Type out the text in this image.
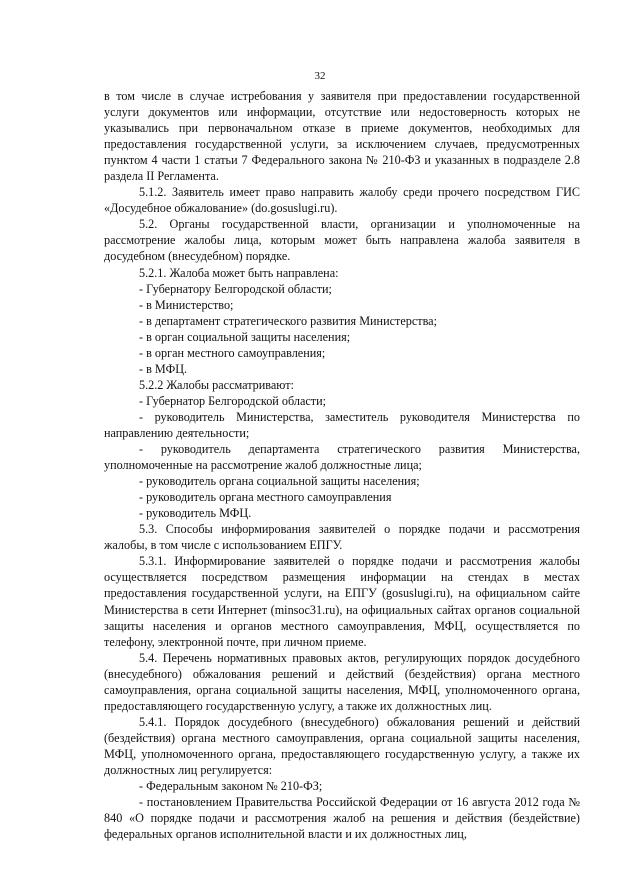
32

в том числе в случае истребования у заявителя при предоставлении государственной услуги документов или информации, отсутствие или недостоверность которых не указывались при первоначальном отказе в приеме документов, необходимых для предоставления государственной услуги, за исключением случаев, предусмотренных пунктом 4 части 1 статьи 7 Федерального закона № 210-ФЗ и указанных в подразделе 2.8 раздела II Регламента.

5.1.2. Заявитель имеет право направить жалобу среди прочего посредством ГИС «Досудебное обжалование» (do.gosuslugi.ru).

5.2. Органы государственной власти, организации и уполномоченные на рассмотрение жалобы лица, которым может быть направлена жалоба заявителя в досудебном (внесудебном) порядке.

5.2.1. Жалоба может быть направлена:

- Губернатору Белгородской области;

- в Министерство;

- в департамент стратегического развития Министерства;

- в орган социальной защиты населения;

- в орган местного самоуправления;

- в МФЦ.

5.2.2 Жалобы рассматривают:

- Губернатор Белгородской области;

- руководитель Министерства, заместитель руководителя Министерства по направлению деятельности;

- руководитель департамента стратегического развития Министерства, уполномоченные на рассмотрение жалоб должностные лица;

- руководитель органа социальной защиты населения;

- руководитель органа местного самоуправления

- руководитель МФЦ.

5.3. Способы информирования заявителей о порядке подачи и рассмотрения жалобы, в том числе с использованием ЕПГУ.

5.3.1. Информирование заявителей о порядке подачи и рассмотрения жалобы осуществляется посредством размещения информации на стендах в местах предоставления государственной услуги, на ЕПГУ (gosuslugi.ru), на официальном сайте Министерства в сети Интернет (minsoc31.ru), на официальных сайтах органов социальной защиты населения и органов местного самоуправления, МФЦ, осуществляется по телефону, электронной почте, при личном приеме.

5.4. Перечень нормативных правовых актов, регулирующих порядок досудебного (внесудебного) обжалования решений и действий (бездействия) органа местного самоуправления, органа социальной защиты населения, МФЦ, уполномоченного органа, предоставляющего государственную услугу, а также их должностных лиц.

5.4.1. Порядок досудебного (внесудебного) обжалования решений и действий (бездействия) органа местного самоуправления, органа социальной защиты населения, МФЦ, уполномоченного органа, предоставляющего государственную услугу, а также их должностных лиц регулируется:

- Федеральным законом № 210-ФЗ;

- постановлением Правительства Российской Федерации от 16 августа 2012 года № 840 «О порядке подачи и рассмотрения жалоб на решения и действия (бездействие) федеральных органов исполнительной власти и их должностных лиц,
